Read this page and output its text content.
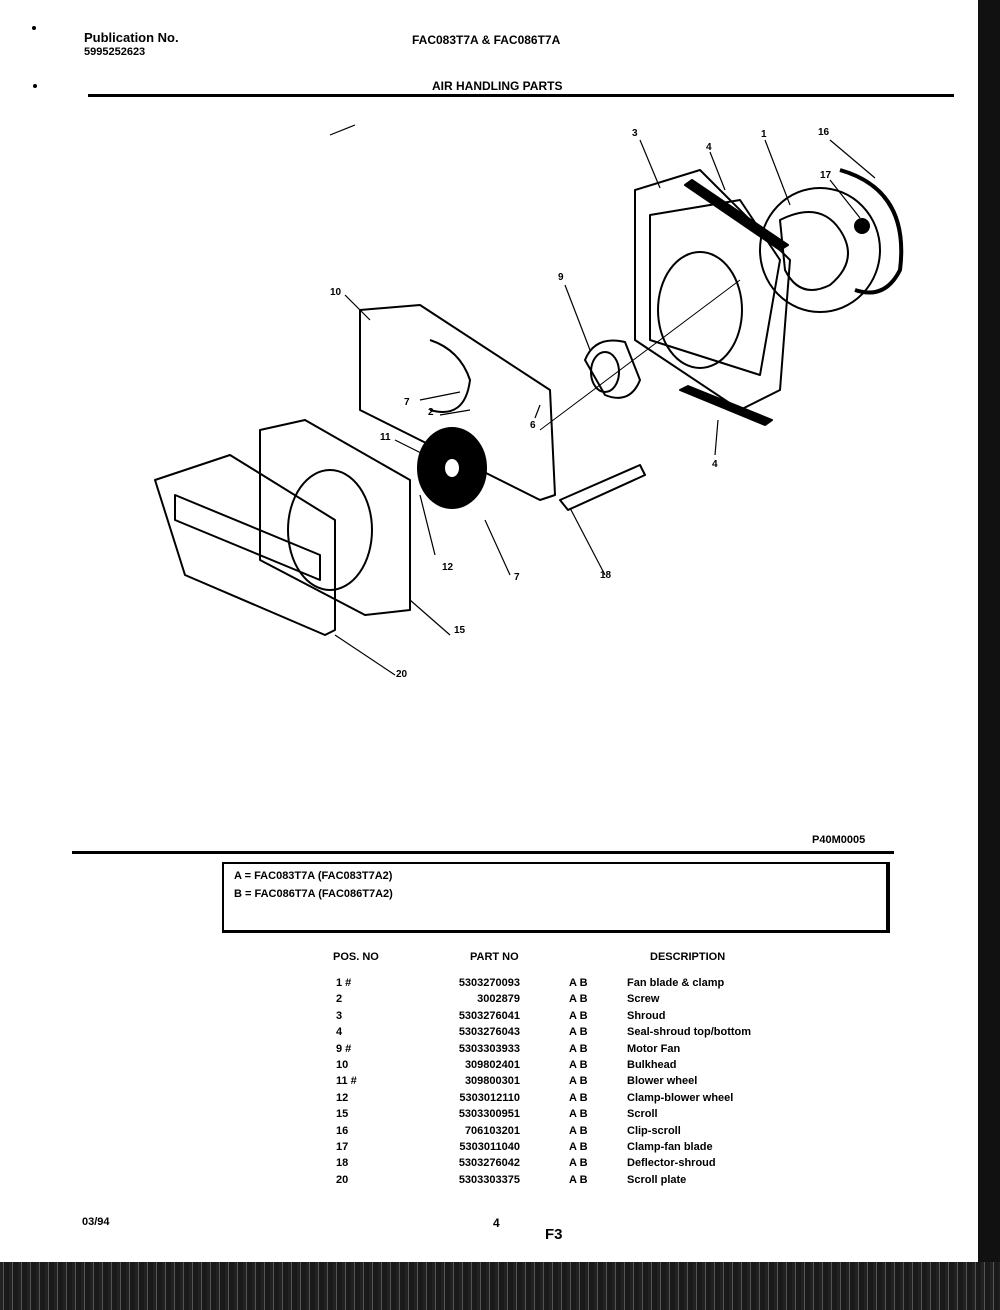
Publication No.
5995252623
FAC083T7A & FAC086T7A
AIR HANDLING PARTS
3
4
1	16
17
9
10
7
2
6
11
4
12
7	18
15
20
P40M0005
A = FAC083T7A (FAC083T7A2)
B = FAC086T7A (FAC086T7A2)
POS. NO	PART NO	DESCRIPTION
1 #	5303270093	A B	Fan blade & clamp
2	3002879	A B	Screw
3	5303276041	A B	Shroud
4	5303276043	A B	Seal-shroud top/bottom
9 #	5303303933	A B	Motor Fan
10	309802401	A B	Bulkhead
11 #	309800301	A B	Blower wheel
12	5303012110	A B	Clamp-blower wheel
15	5303300951	A B	Scroll
16	706103201	A B	Clip-scroll
17	5303011040	A B	Clamp-fan blade
18	5303276042	A B	Deflector-shroud
20	5303303375	A B	Scroll plate
03/94	4
F3
